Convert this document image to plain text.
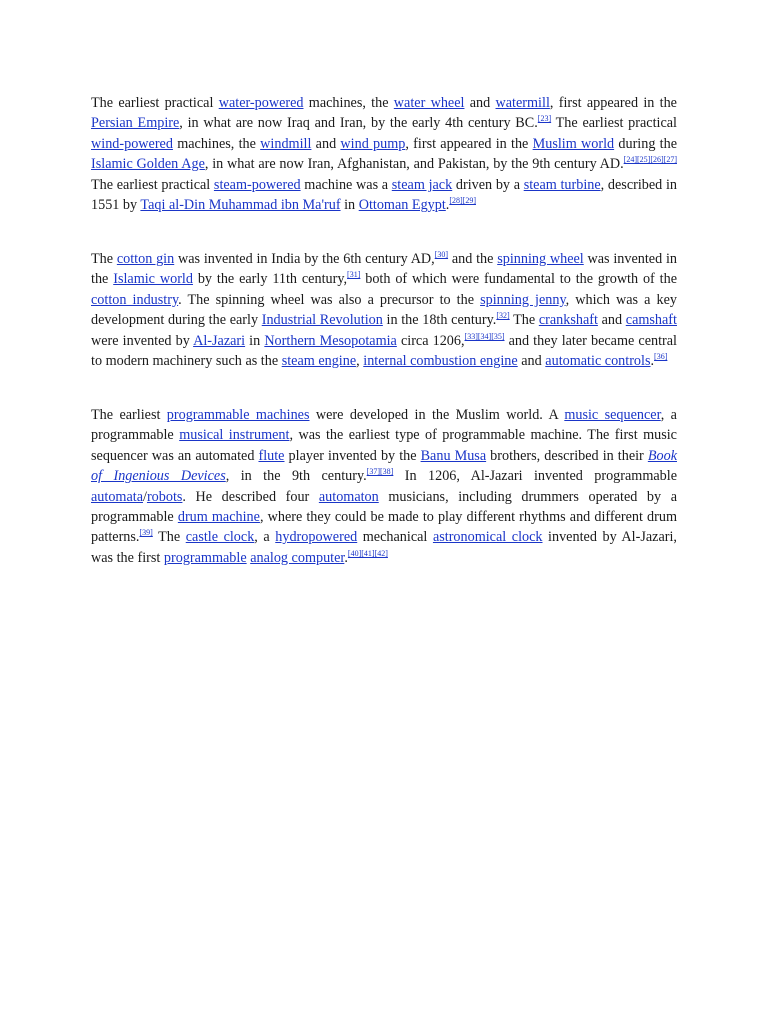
The earliest practical water-powered machines, the water wheel and watermill, first appeared in the Persian Empire, in what are now Iraq and Iran, by the early 4th century BC.[23] The earliest practical wind-powered machines, the windmill and wind pump, first appeared in the Muslim world during the Islamic Golden Age, in what are now Iran, Afghanistan, and Pakistan, by the 9th century AD.[24][25][26][27] The earliest practical steam-powered machine was a steam jack driven by a steam turbine, described in 1551 by Taqi al-Din Muhammad ibn Ma'ruf in Ottoman Egypt.[28][29]

The cotton gin was invented in India by the 6th century AD,[30] and the spinning wheel was invented in the Islamic world by the early 11th century,[31] both of which were fundamental to the growth of the cotton industry. The spinning wheel was also a precursor to the spinning jenny, which was a key development during the early Industrial Revolution in the 18th century.[32] The crankshaft and camshaft were invented by Al-Jazari in Northern Mesopotamia circa 1206,[33][34][35] and they later became central to modern machinery such as the steam engine, internal combustion engine and automatic controls.[36]

The earliest programmable machines were developed in the Muslim world. A music sequencer, a programmable musical instrument, was the earliest type of programmable machine. The first music sequencer was an automated flute player invented by the Banu Musa brothers, described in their Book of Ingenious Devices, in the 9th century.[37][38] In 1206, Al-Jazari invented programmable automata/robots. He described four automaton musicians, including drummers operated by a programmable drum machine, where they could be made to play different rhythms and different drum patterns.[39] The castle clock, a hydropowered mechanical astronomical clock invented by Al-Jazari, was the first programmable analog computer.[40][41][42]
